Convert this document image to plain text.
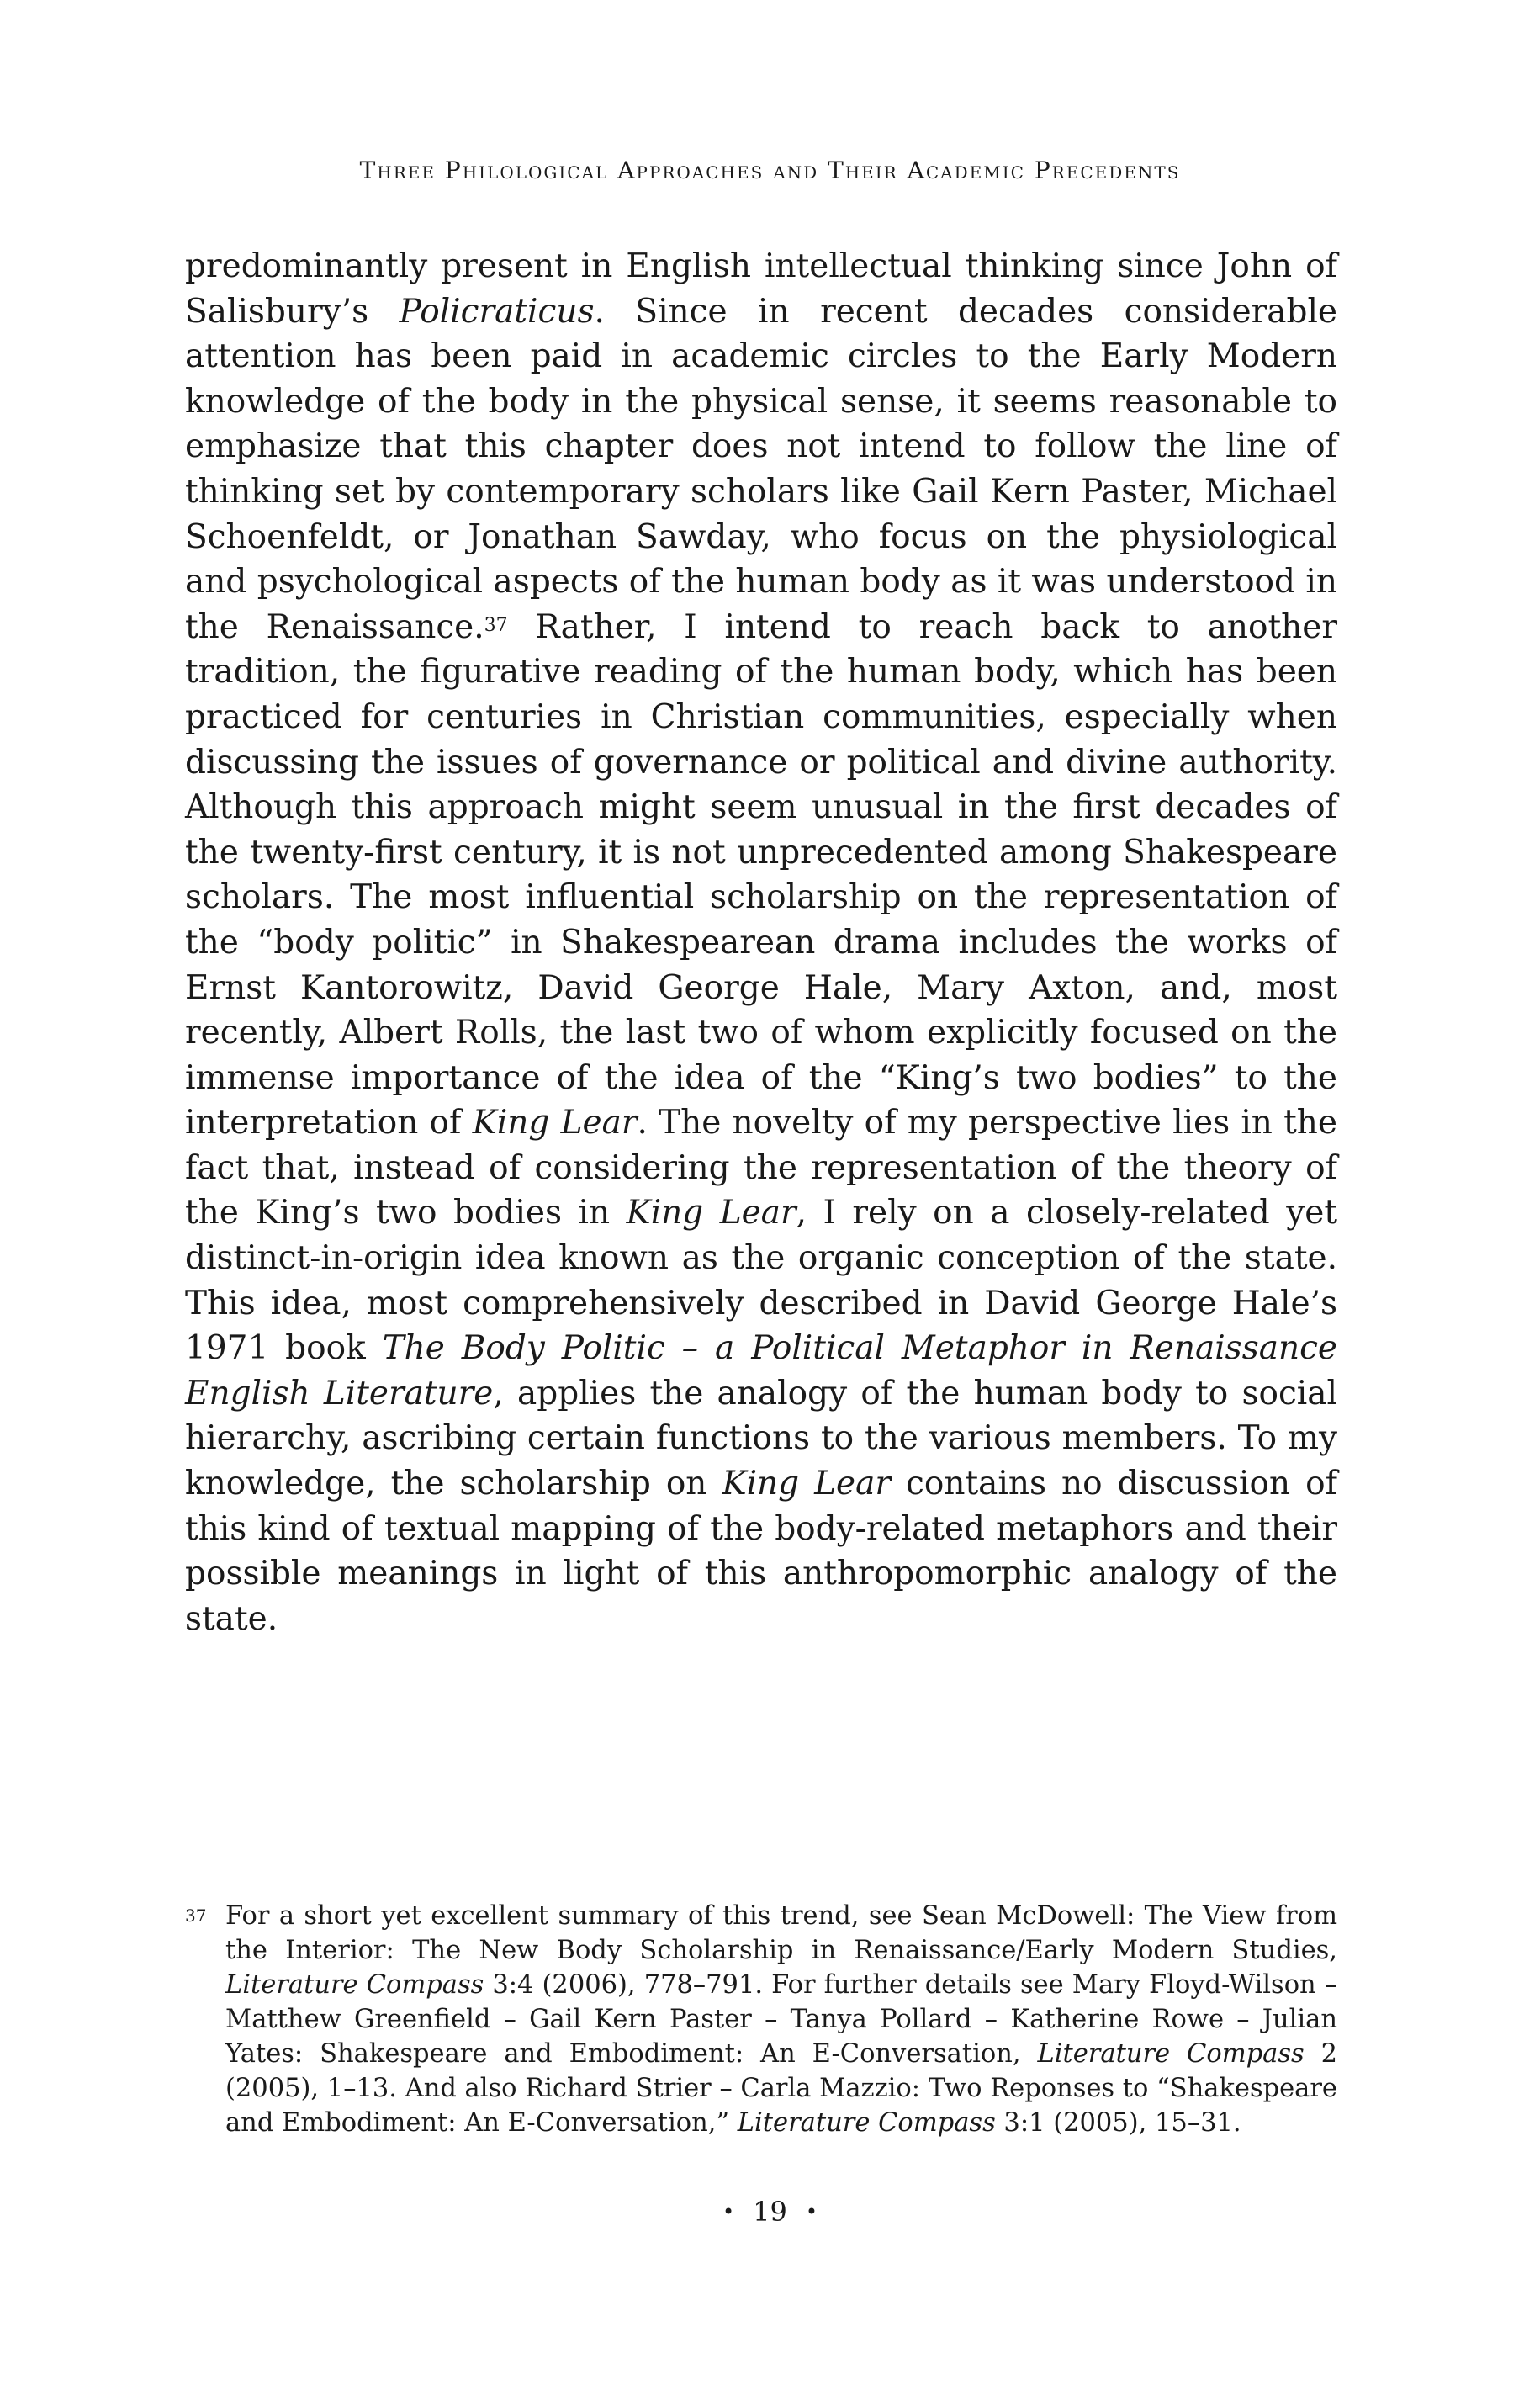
Three Philological Approaches and Their Academic Precedents

predominantly present in English intellectual thinking since John of Salisbury’s Policraticus. Since in recent decades considerable attention has been paid in academic circles to the Early Modern knowledge of the body in the physical sense, it seems reasonable to emphasize that this chapter does not intend to follow the line of thinking set by contemporary scholars like Gail Kern Paster, Michael Schoenfeldt, or Jonathan Sawday, who focus on the physiological and psychological aspects of the human body as it was understood in the Renaissance.$^{37}$ Rather, I intend to reach back to another tradition, the figurative reading of the human body, which has been practiced for centuries in Christian communities, especially when discussing the issues of governance or political and divine authority. Although this approach might seem unusual in the first decades of the twenty-first century, it is not unprecedented among Shakespeare scholars. The most influential scholarship on the representation of the “body politic” in Shakespearean drama includes the works of Ernst Kantorowitz, David George Hale, Mary Axton, and, most recently, Albert Rolls, the last two of whom explicitly focused on the immense importance of the idea of the “King’s two bodies” to the interpretation of King Lear. The novelty of my perspective lies in the fact that, instead of considering the representation of the theory of the King’s two bodies in King Lear, I rely on a closely-related yet distinct-in-origin idea known as the organic conception of the state. This idea, most comprehensively described in David George Hale’s 1971 book The Body Politic – a Political Metaphor in Renaissance English Literature, applies the analogy of the human body to social hierarchy, ascribing certain functions to the various members. To my knowledge, the scholarship on King Lear contains no discussion of this kind of textual mapping of the body-related metaphors and their possible meanings in light of this anthropomorphic analogy of the state.

37 For a short yet excellent summary of this trend, see Sean McDowell: The View from the Interior: The New Body Scholarship in Renaissance/Early Modern Studies, Literature Compass 3:4 (2006), 778–791. For further details see Mary Floyd-Wilson – Matthew Greenfield – Gail Kern Paster – Tanya Pollard – Katherine Rowe – Julian Yates: Shakespeare and Embodiment: An E-Conversation, Literature Compass 2 (2005), 1–13. And also Richard Strier – Carla Mazzio: Two Reponses to “Shakespeare and Embodiment: An E-Conversation,” Literature Compass 3:1 (2005), 15–31.
• 19 •
